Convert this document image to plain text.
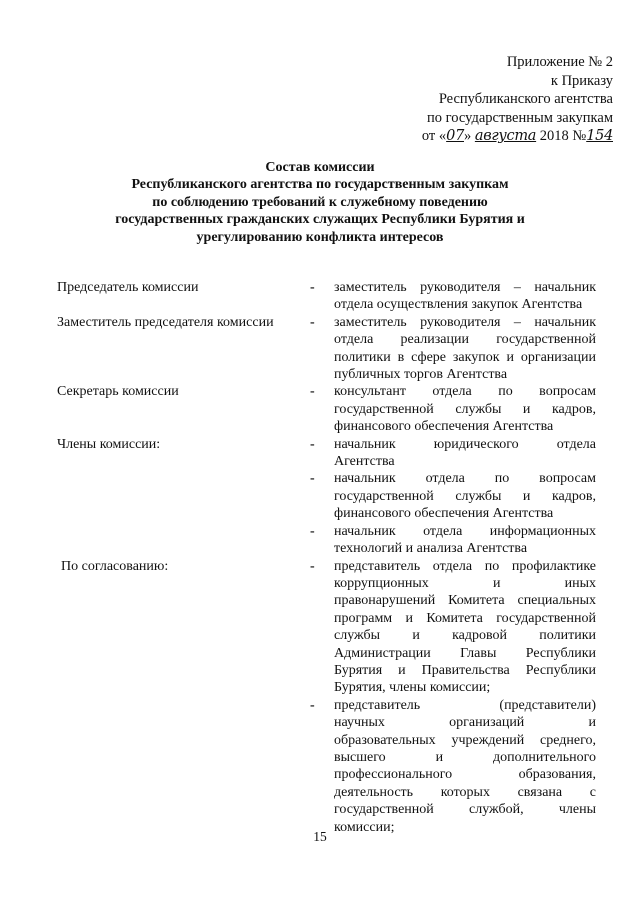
Приложение № 2
к Приказу
Республиканского агентства
по государственным закупкам
от «07» августа 2018 №154
Состав комиссии
Республиканского агентства по государственным закупкам
по соблюдению требований к служебному поведению
государственных гражданских служащих Республики Бурятия и
урегулированию конфликта интересов
Председатель комиссии	-	заместитель руководителя – начальник
отдела осуществления закупок Агентства
Заместитель председателя комиссии	-	заместитель руководителя – начальник
отдела реализации государственной
политики в сфере закупок и организации
публичных торгов Агентства
Секретарь комиссии	-	консультант отдела по вопросам
государственной службы и кадров,
финансового обеспечения Агентства
Члены комиссии:	-	начальник юридического отдела
Агентства
-	начальник отдела по вопросам
государственной службы и кадров,
финансового обеспечения Агентства
-	начальник отдела информационных
технологий и анализа Агентства
По согласованию:	-	представитель отдела по профилактике
коррупционных и иных
правонарушений Комитета специальных
программ и Комитета государственной
службы и кадровой политики
Администрации Главы Республики
Бурятия и Правительства Республики
Бурятия, члены комиссии;
-	представитель (представители)
научных организаций и
образовательных учреждений среднего,
высшего и дополнительного
профессионального образования,
деятельность которых связана с
государственной службой, члены
комиссии;
15
